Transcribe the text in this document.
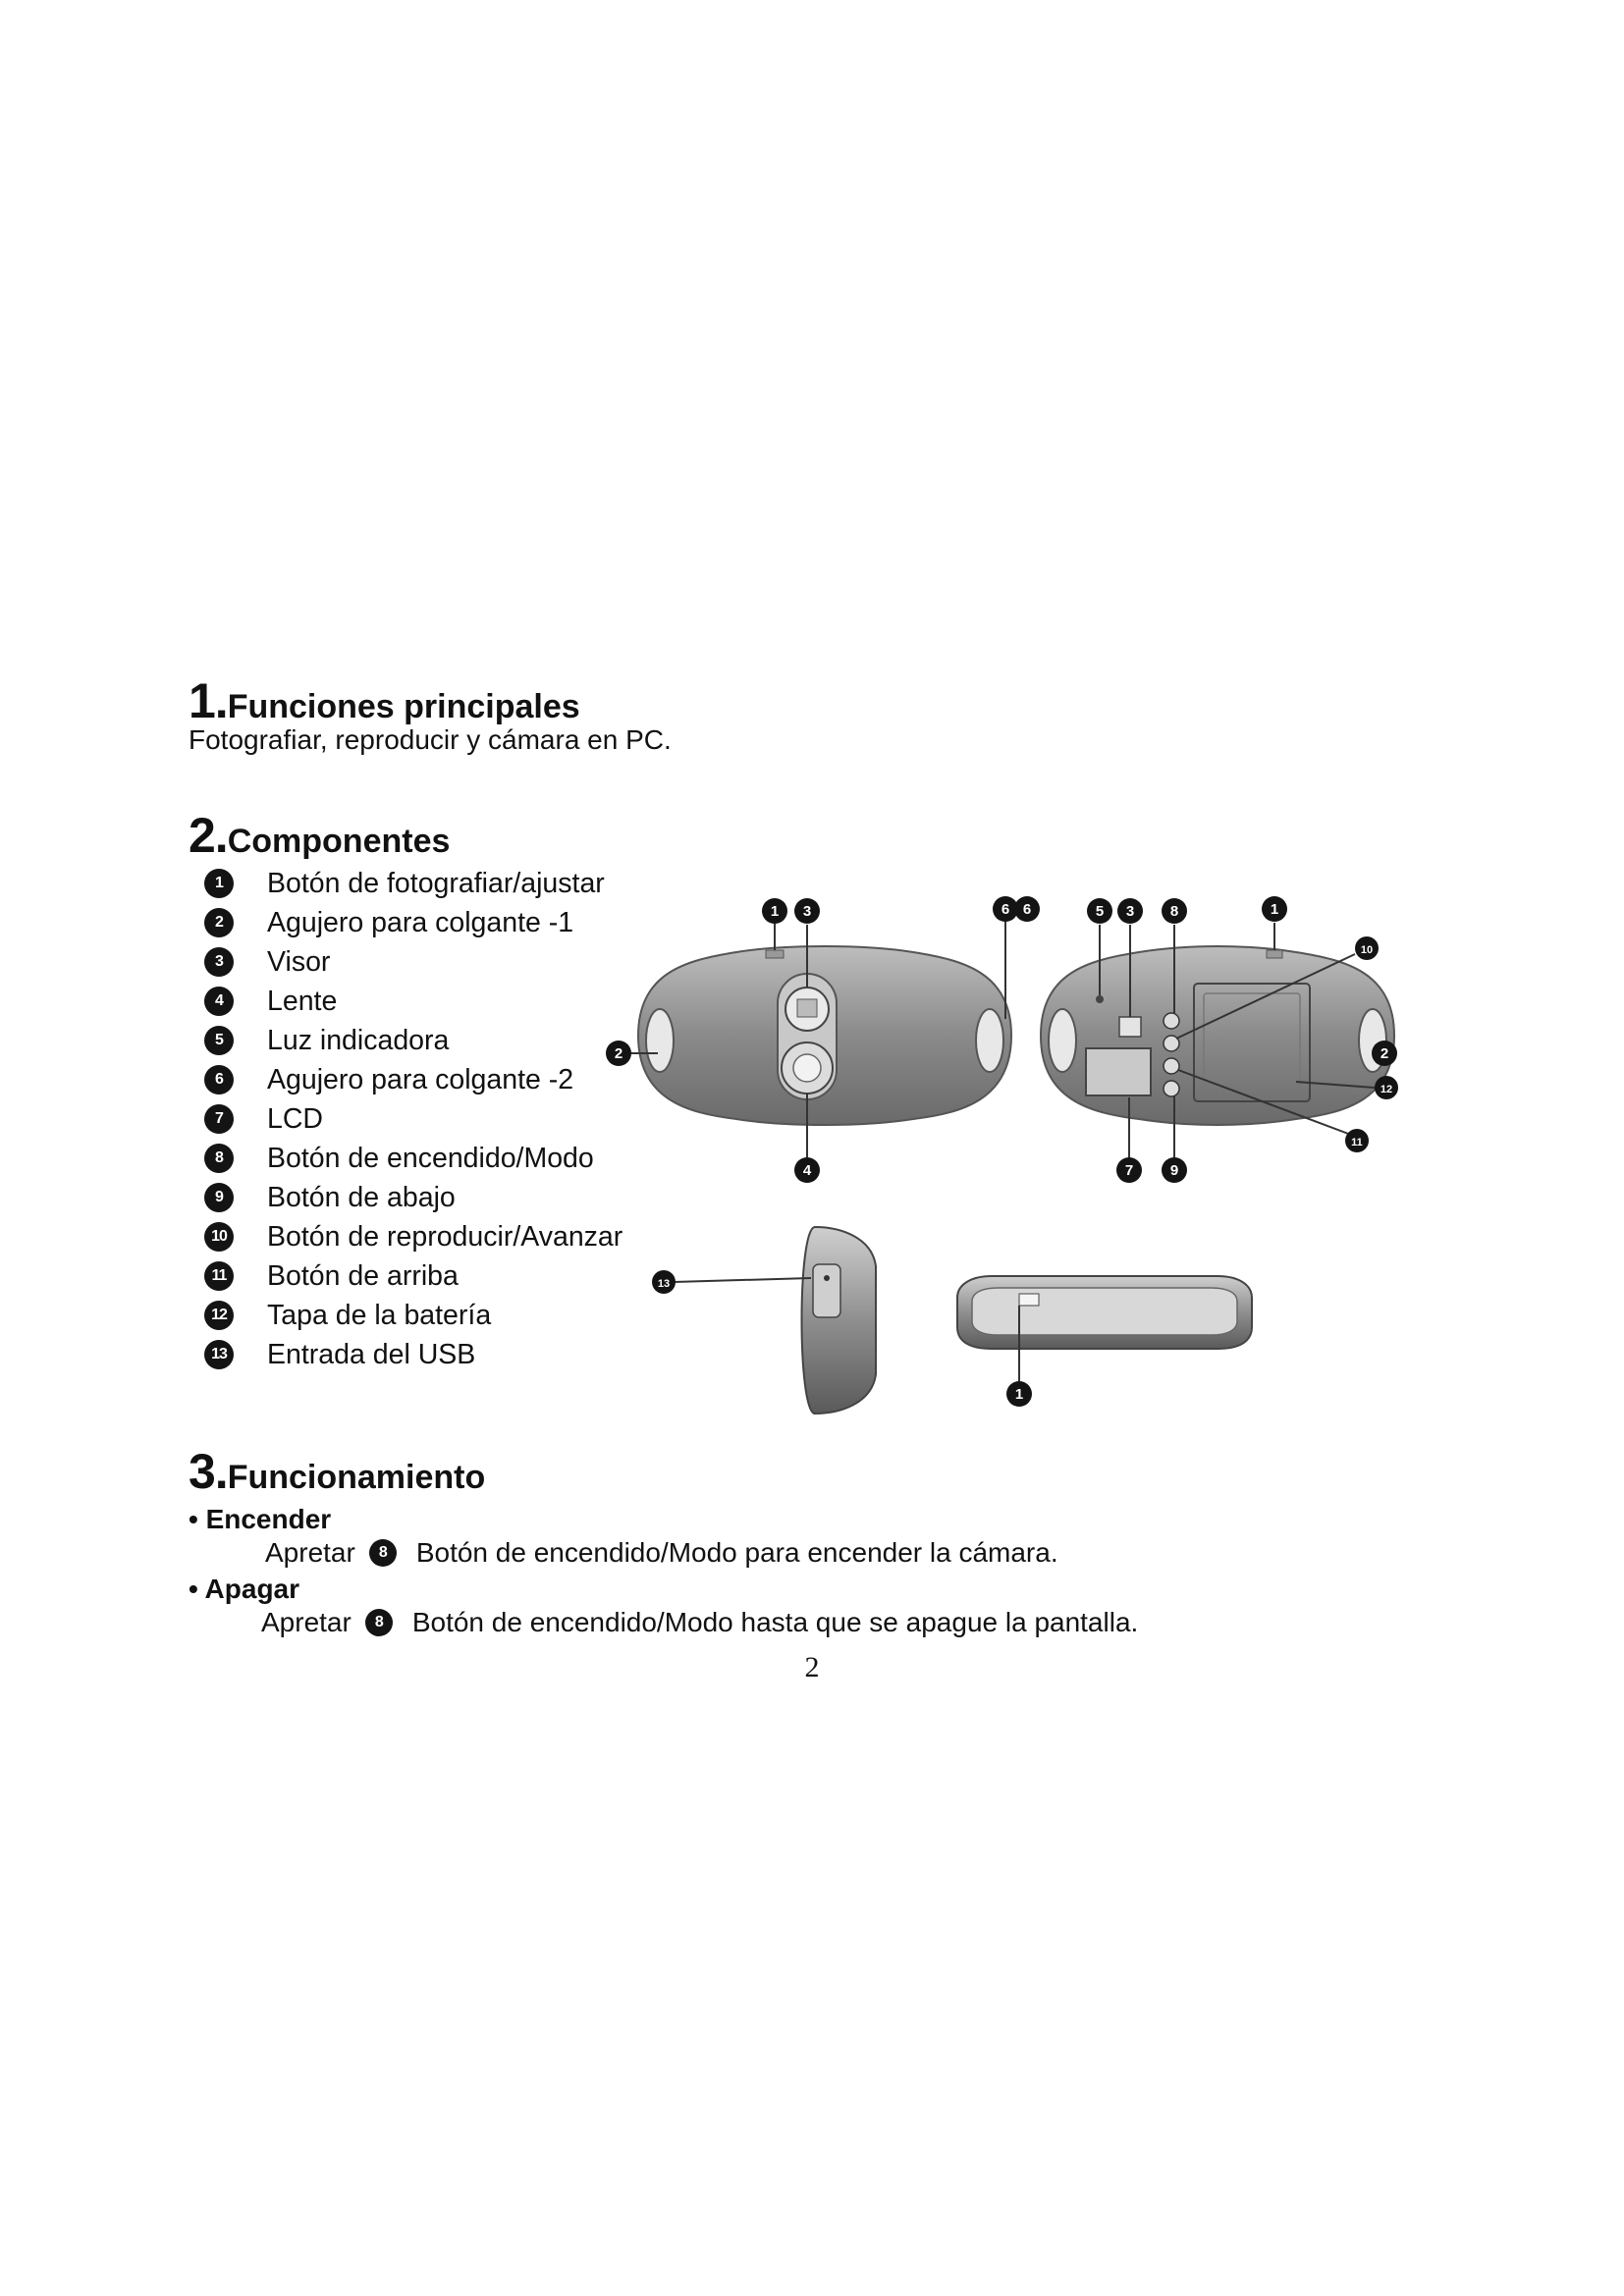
1. Funciones principales
Fotografiar, reproducir y cámara en PC.
2. Componentes
1	Botón de fotografiar/ajustar
2	Agujero para colgante -1
3	Visor
4	Lente
5	Luz indicadora
6	Agujero para colgante -2
7	LCD
8	Botón de encendido/Modo
9	Botón de abajo
10 Botón de reproducir/Avanzar
11 Botón de arriba
12 Tapa de la batería
13 Entrada del USB
1 3	6 6
2
4
5 3 8	1
10
2
12
11
7	9
13
1
3. Funcionamiento
• Encender
Apretar	8	Botón de encendido/Modo para encender la cámara.
• Apagar
Apretar	8	Botón de encendido/Modo hasta que se apague la pantalla.
2
